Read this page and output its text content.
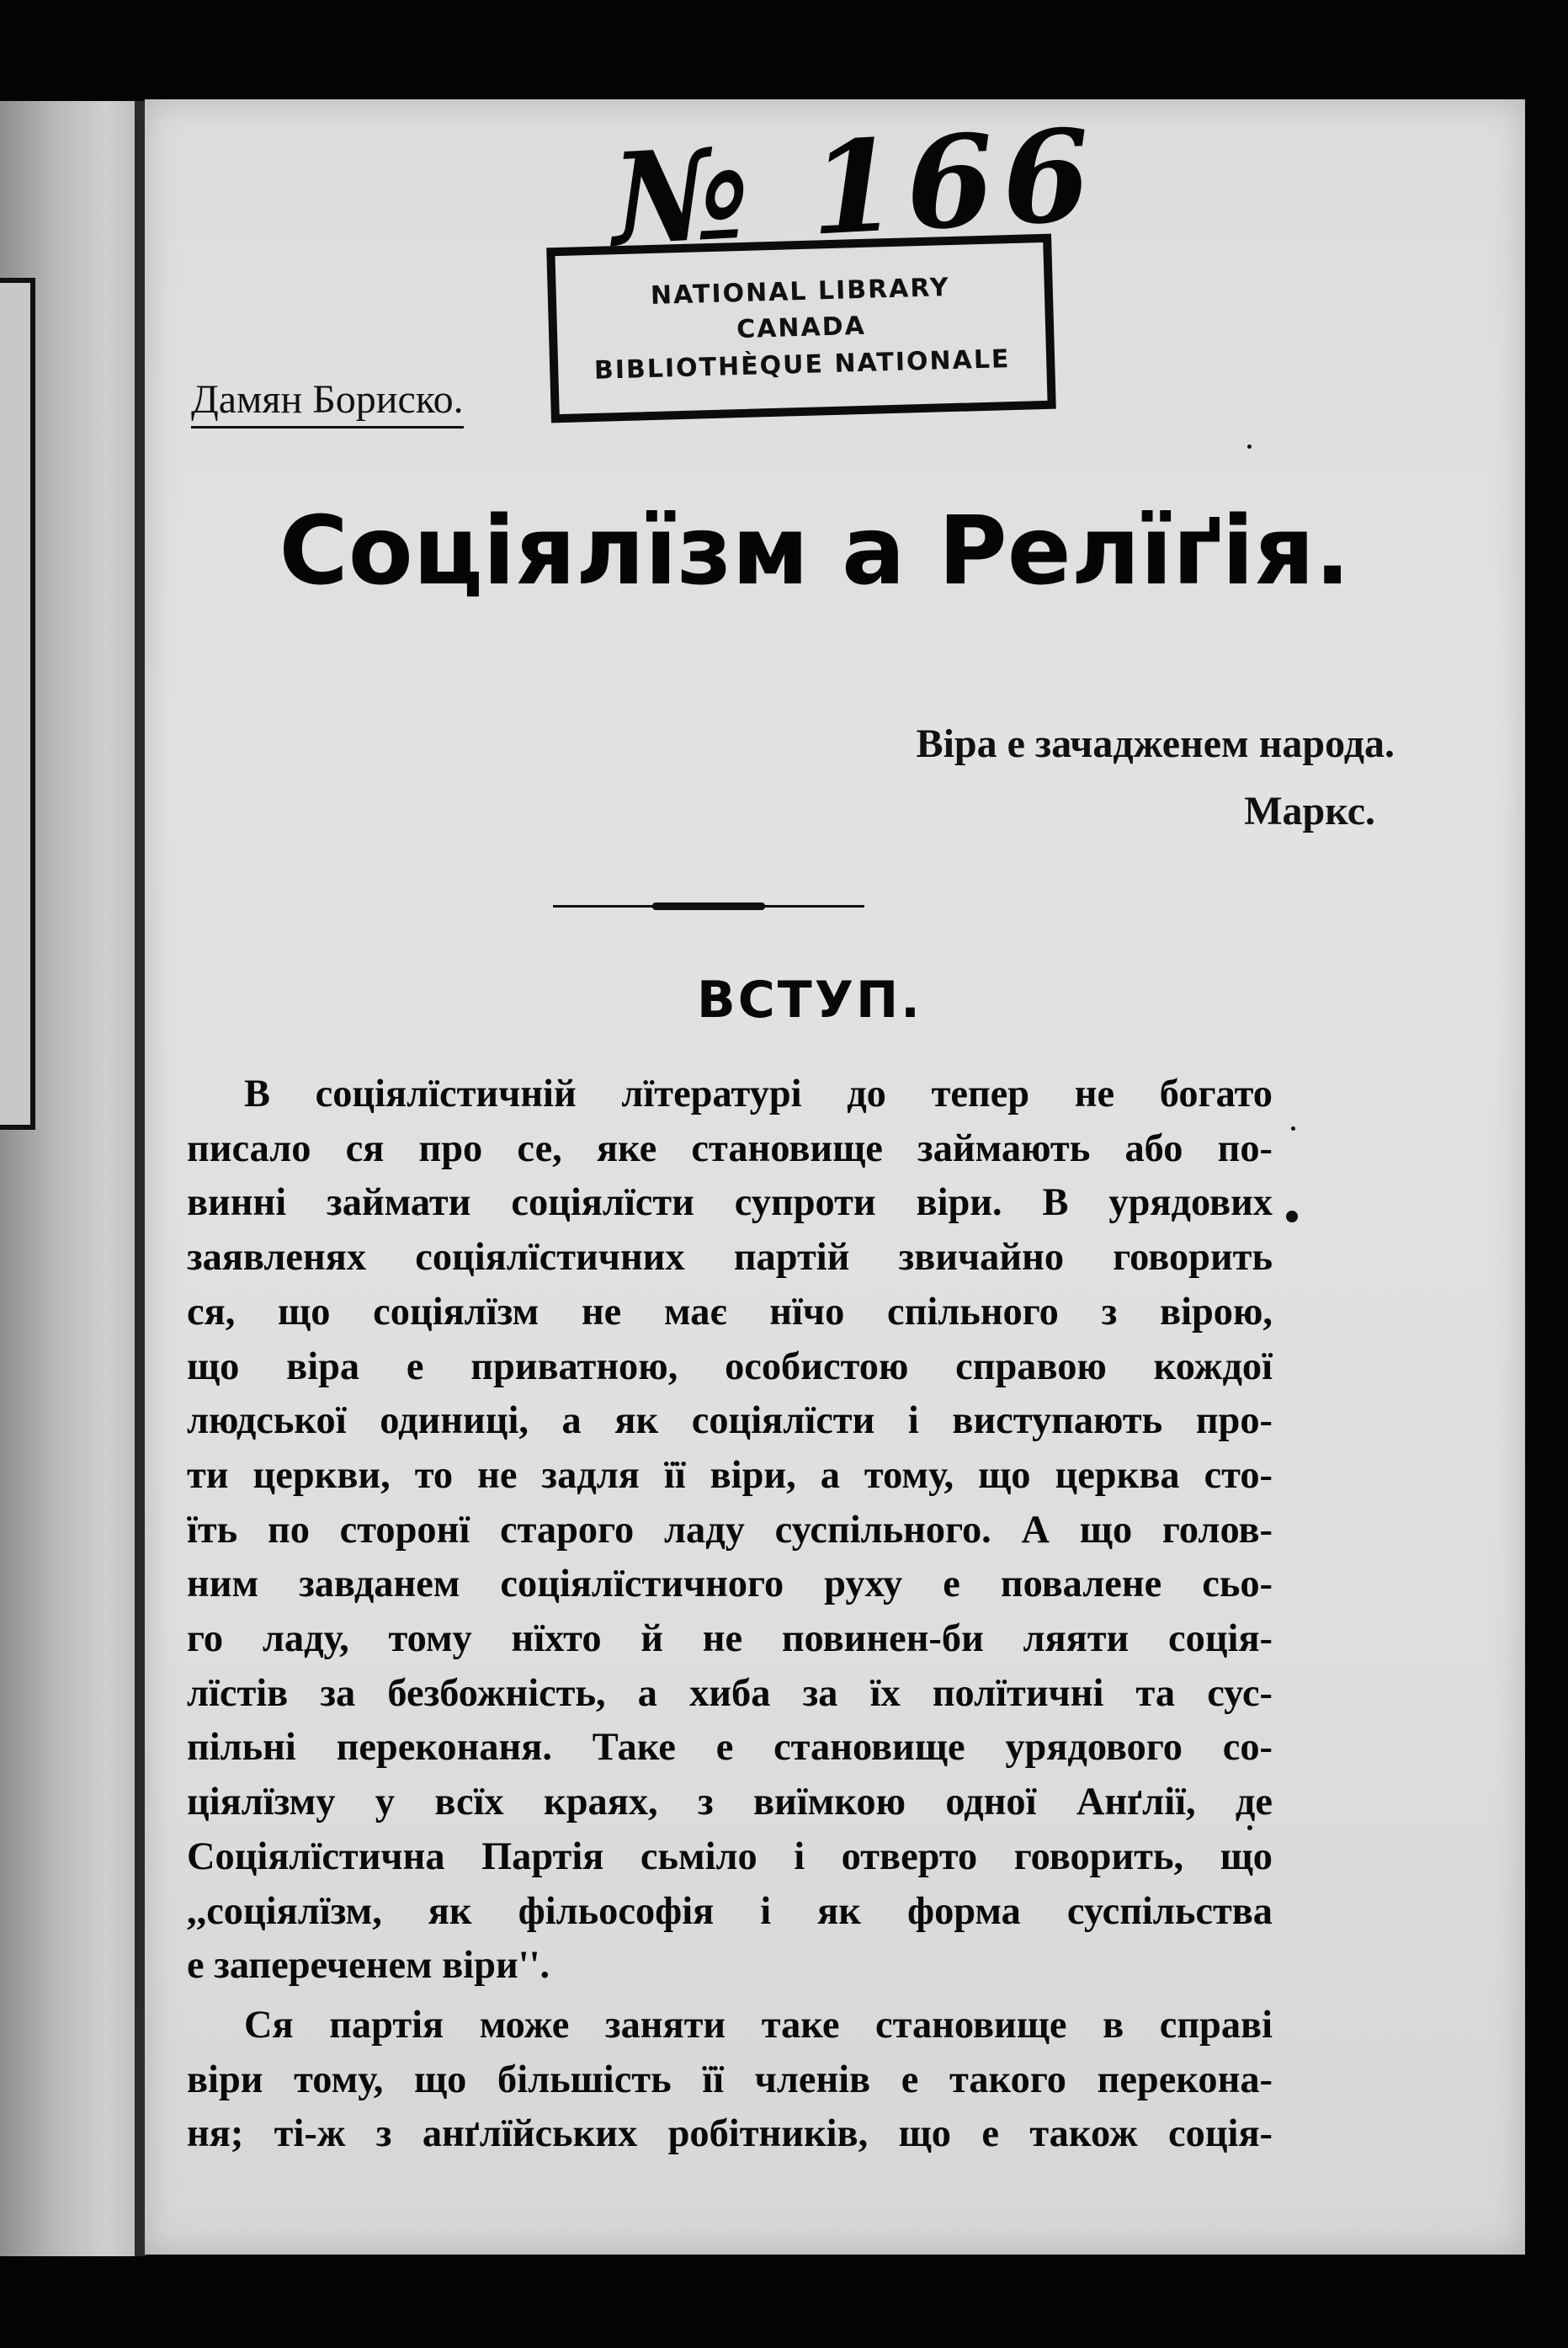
№ 166
NATIONAL LIBRARY
CANADA
BIBLIOTHÈQUE NATIONALE
Дамян Бориско.
Соціялїзм а Релїґія.
Віра е зачадженем народа.
Маркс.
ВСТУП.
В соціялїстичній лїтературі до тепер не богато
писало ся про се, яке становище займають або по-
винні займати соціялїсти супроти віри. В урядових
заявленях соціялїстичних партій звичайно говорить
ся, що соціялїзм не має нїчо спільного з вірою,
що віра е приватною, особистою справою кождої
людської одиниці, а як соціялїсти і виступають про-
ти церкви, то не задля її віри, а тому, що церква сто-
їть по сторонї старого ладу суспільного. А що голов-
ним завданем соціялїстичного руху е повалене сьо-
го ладу, тому нїхто й не повинен-би ляяти соція-
лїстів за безбожність, а хиба за їх полїтичні та сус-
пільні переконаня. Таке е становище урядового со-
ціялїзму у всїх краях, з виїмкою одної Анґлії, де
Соціялїстична Партія сьміло і отверто говорить, що
,,соціялїзм, як фільософія і як форма суспільства
е запереченем віри''.
Ся партія може заняти таке становище в справі
віри тому, що більшість її членів е такого перекона-
ня; ті-ж з анґлїйських робітників, що е також соція-
